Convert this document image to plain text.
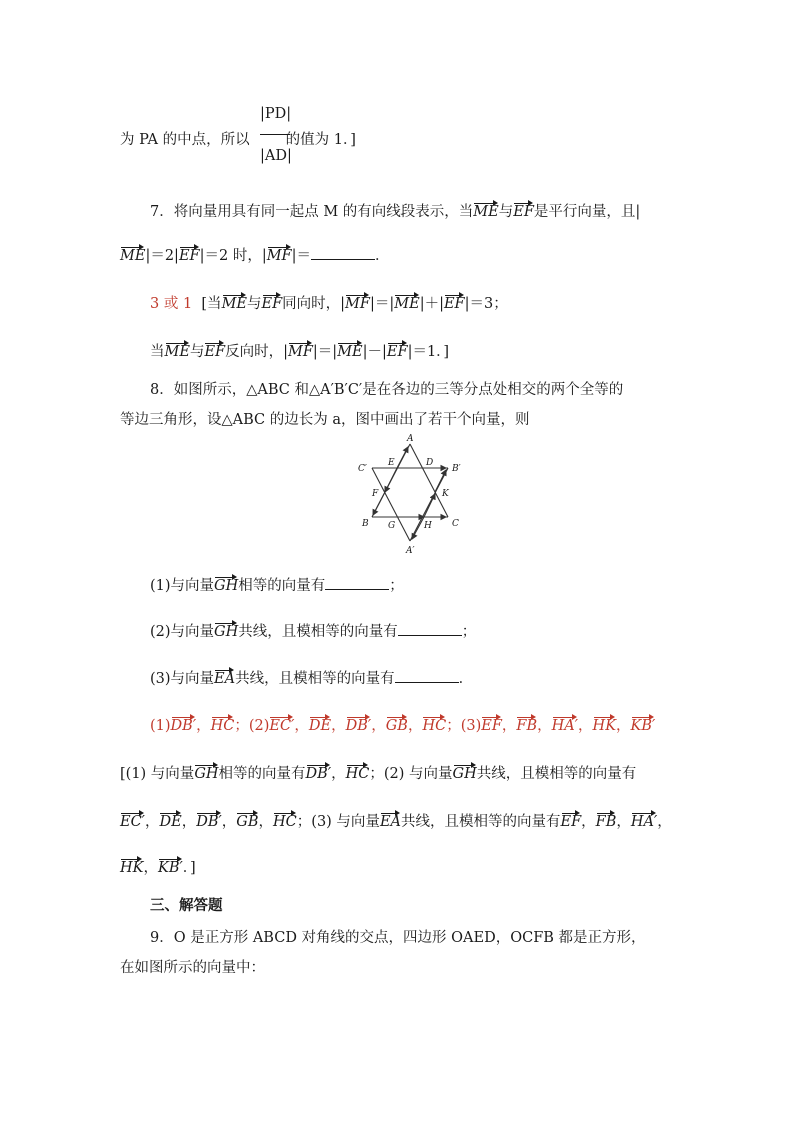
|PD|
|AD|
为 PA 的中点，所以 的值为 1．]
7．将向量用具有同一起点 M 的有向线段表示，当ME与EF是平行向量，且|
ME|＝2|EF|＝2 时，|MF|＝	．
3 或 1 [当ME与EF同向时，|MF|＝|ME|＋|EF|＝3；
当ME与EF反向时，|MF|＝|ME|－|EF|＝1．]
8．如图所示，△ABC 和△A′B′C′是在各边的三等分点处相交的两个全等的
等边三角形，设△ABC 的边长为 a，图中画出了若干个向量，则
A
C′
E	D
B′
F	K
B G	H C
A′
(1)与向量GH相等的向量有	；
(2)与向量GH共线，且模相等的向量有	；
(3)与向量EA共线，且模相等的向量有	．
(1)DB′，HC；(2)EC′，DE，DB′，GB，HC；(3)EF，FB，HA′，HK，KB′
[(1) 与向量GH相等的向量有DB′，HC；(2) 与向量GH共线，且模相等的向量有
EC′，DE，DB′，GB，HC；(3) 与向量EA共线，且模相等的向量有EF，FB，HA′，
HK，KB′．]
三、解答题
9．O 是正方形 ABCD 对角线的交点，四边形 OAED，OCFB 都是正方形，
在如图所示的向量中：
